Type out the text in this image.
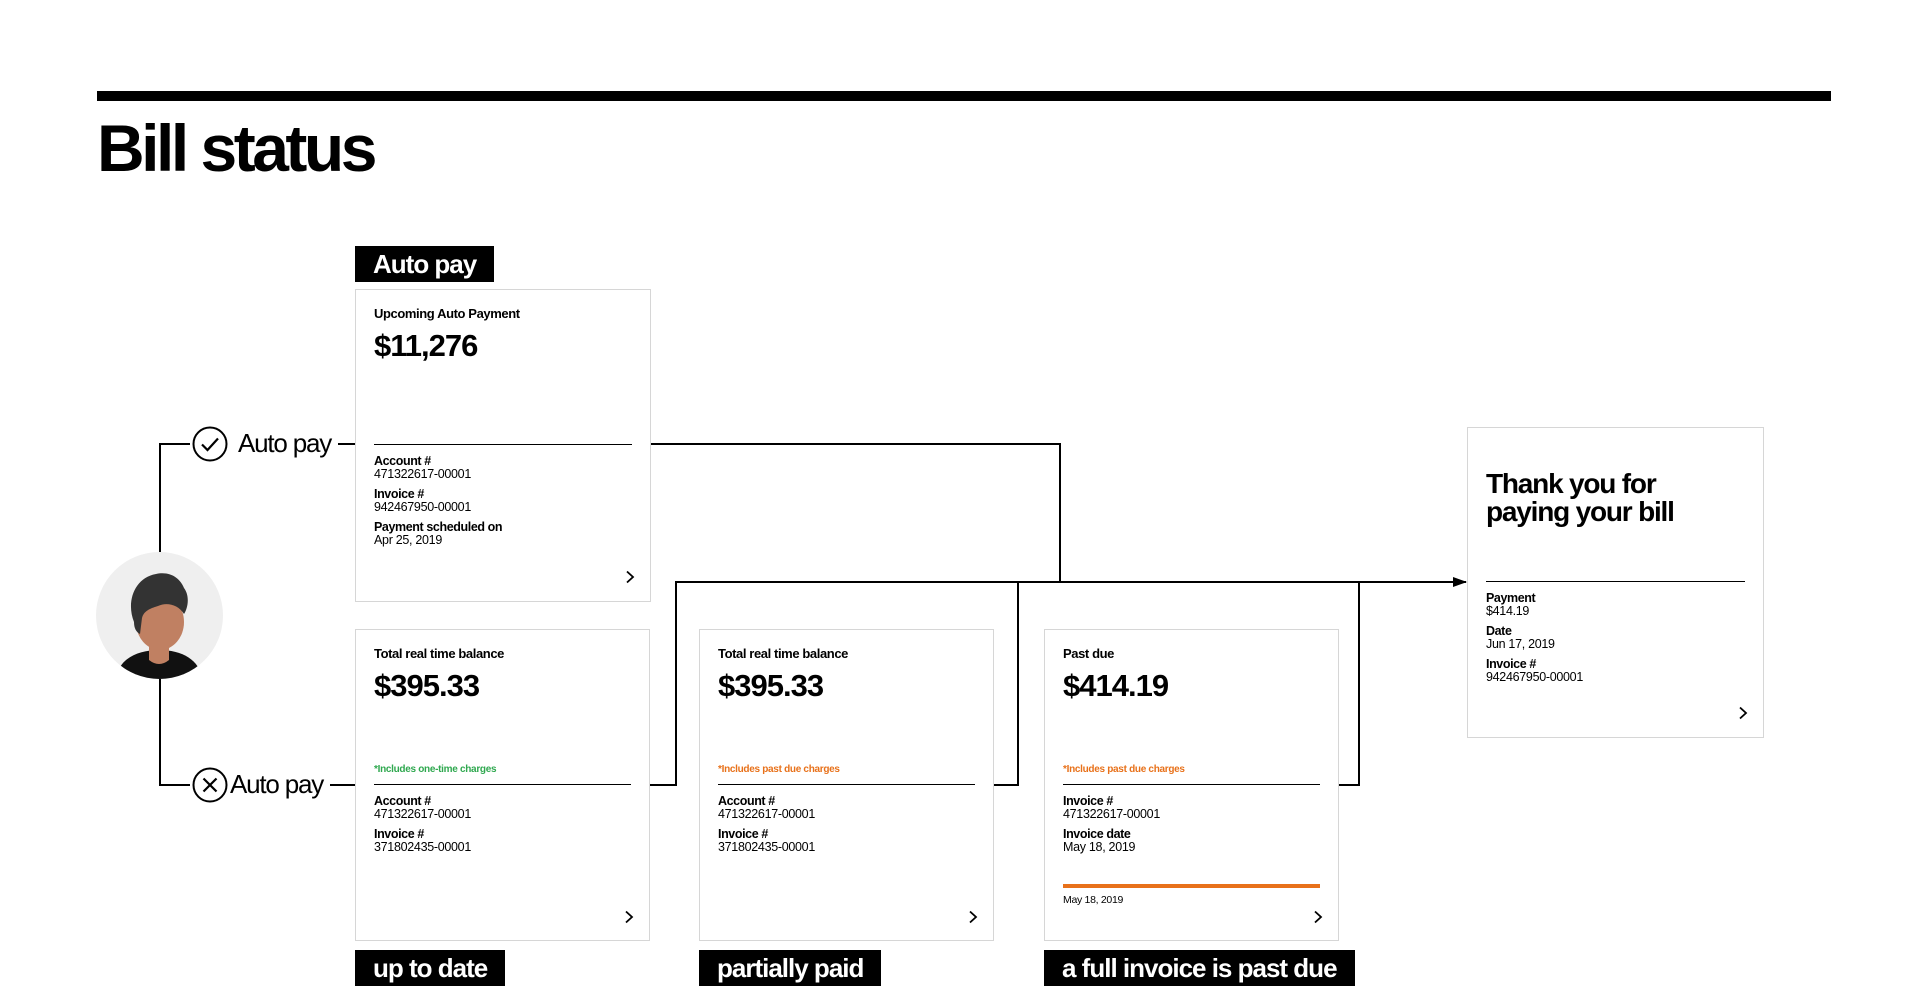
Bill status
Auto pay
Auto pay
Auto pay
up to date	partially paid	a full invoice is past due
Upcoming Auto Payment
$11,276
Account #
471322617-00001
Invoice #
942467950-00001
Payment scheduled on
Apr 25, 2019
Total real time balance
$395.33
*Includes one-time charges
Account #
471322617-00001
Invoice #
371802435-00001
Total real time balance
$395.33
*Includes past due charges
Account #
471322617-00001
Invoice #
371802435-00001
Past due
$414.19
*Includes past due charges
Invoice #
471322617-00001
Invoice date
May 18, 2019
May 18, 2019
Thank you for paying your bill
Payment
$414.19
Date
Jun 17, 2019
Invoice #
942467950-00001
